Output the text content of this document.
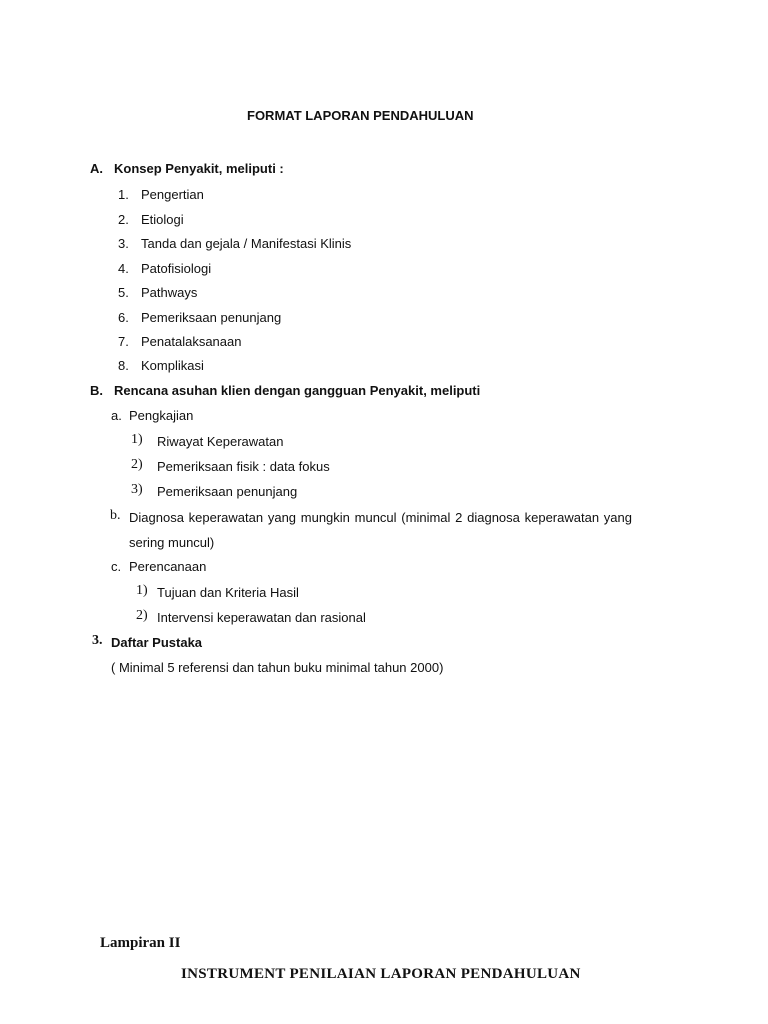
FORMAT LAPORAN PENDAHULUAN
A. Konsep Penyakit, meliputi :
1. Pengertian
2. Etiologi
3. Tanda dan gejala / Manifestasi Klinis
4. Patofisiologi
5. Pathways
6. Pemeriksaan penunjang
7. Penatalaksanaan
8. Komplikasi
B. Rencana asuhan klien dengan gangguan Penyakit, meliputi
a. Pengkajian
1) Riwayat Keperawatan
2) Pemeriksaan fisik : data fokus
3) Pemeriksaan penunjang
b. Diagnosa keperawatan yang mungkin muncul (minimal 2 diagnosa keperawatan yang
sering muncul)
c. Perencanaan
1) Tujuan dan Kriteria Hasil
2) Intervensi keperawatan dan rasional
3. Daftar Pustaka
( Minimal 5 referensi dan tahun buku minimal tahun 2000)
Lampiran II
INSTRUMENT PENILAIAN LAPORAN PENDAHULUAN
